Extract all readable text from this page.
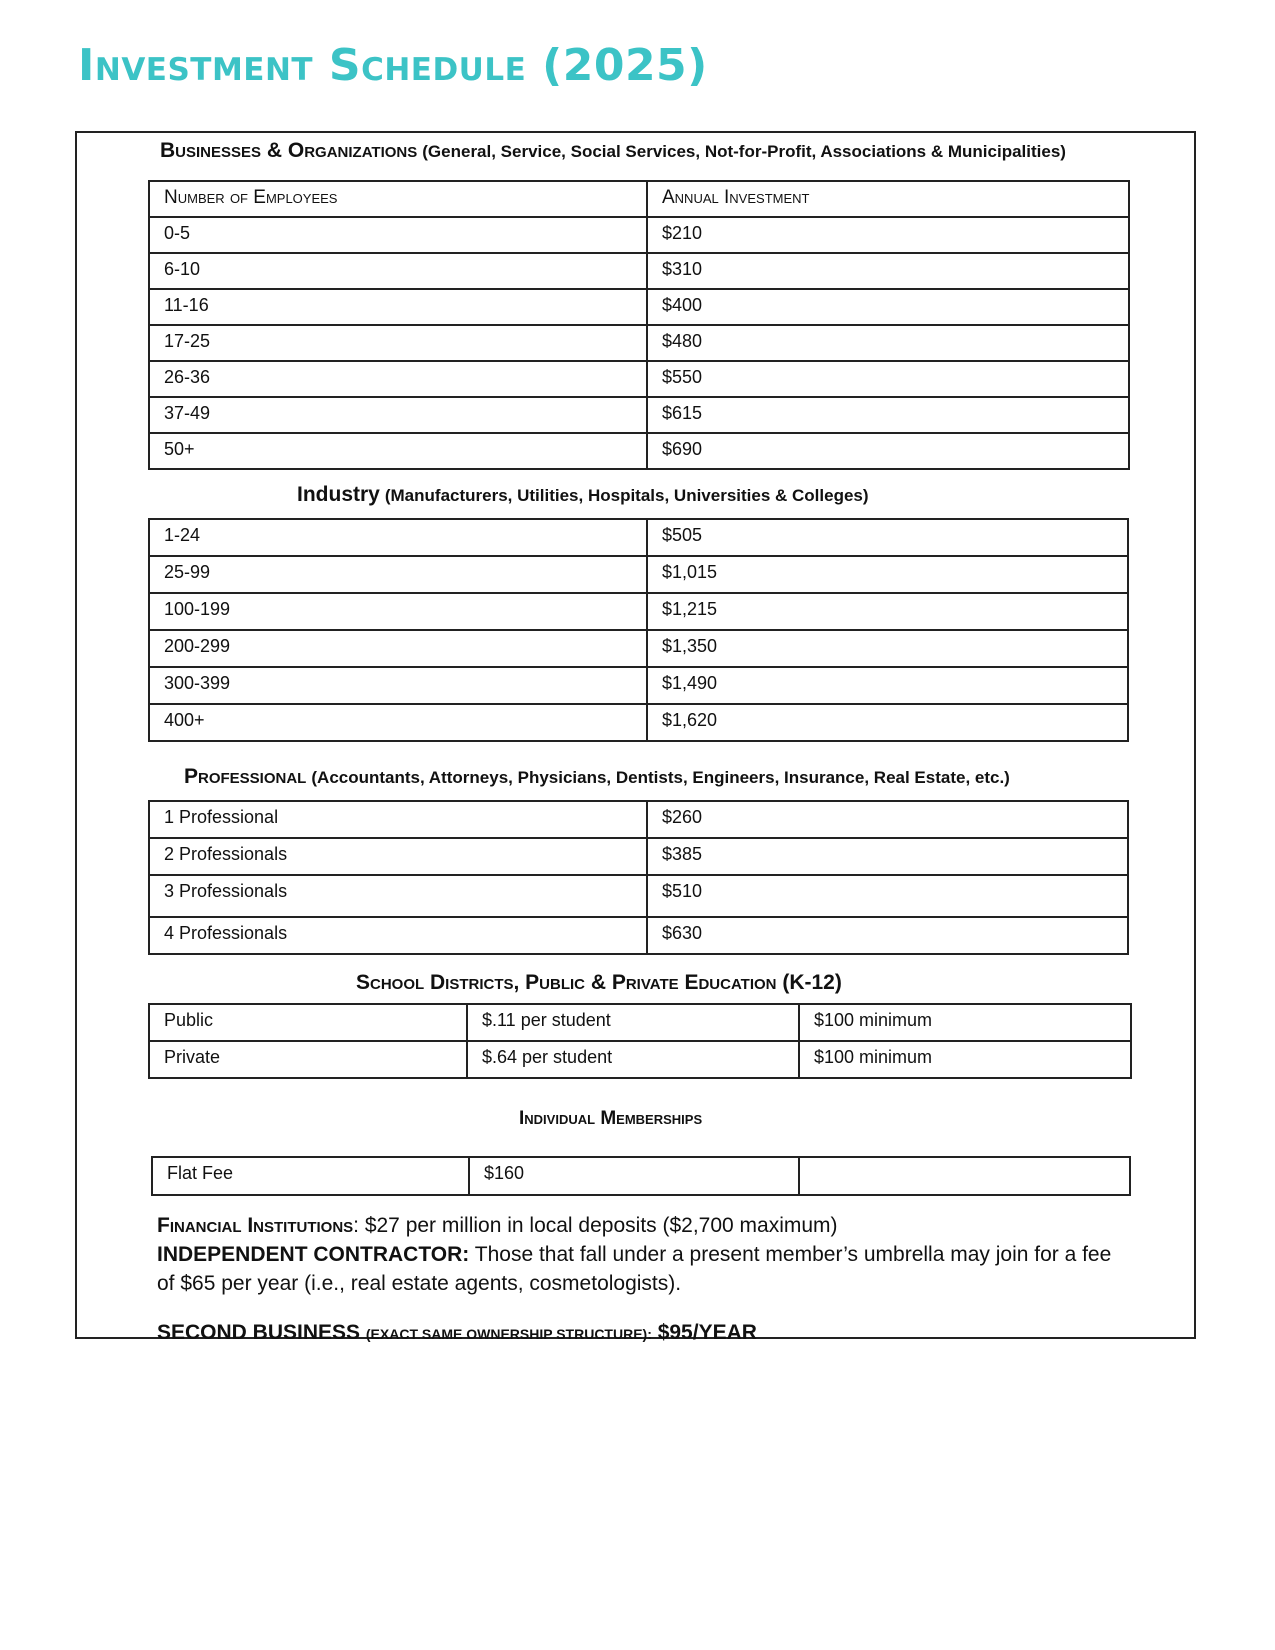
Investment Schedule (2025)
Businesses & Organizations (General, Service, Social Services, Not-for-Profit, Associations & Municipalities)
Number of Employees	Annual Investment
0-5	$210
6-10	$310
11-16	$400
17-25	$480
26-36	$550
37-49	$615
50+	$690
Industry (Manufacturers, Utilities, Hospitals, Universities & Colleges)
1-24	$505
25-99	$1,015
100-199	$1,215
200-299	$1,350
300-399	$1,490
400+	$1,620
Professional (Accountants, Attorneys, Physicians, Dentists, Engineers, Insurance, Real Estate, etc.)
1 Professional	$260
2 Professionals	$385
3 Professionals	$510
4 Professionals	$630
School Districts, Public & Private Education (K-12)
Public	$.11 per student	$100 minimum
Private	$.64 per student	$100 minimum
Individual Memberships
Flat Fee	$160	

Financial Institutions: $27 per million in local deposits ($2,700 maximum)

INDEPENDENT CONTRACTOR: Those that fall under a present member’s umbrella may join for a fee of $65 per year (i.e., real estate agents, cosmetologists).

SECOND BUSINESS (EXACT SAME OWNERSHIP STRUCTURE): $95/YEAR
